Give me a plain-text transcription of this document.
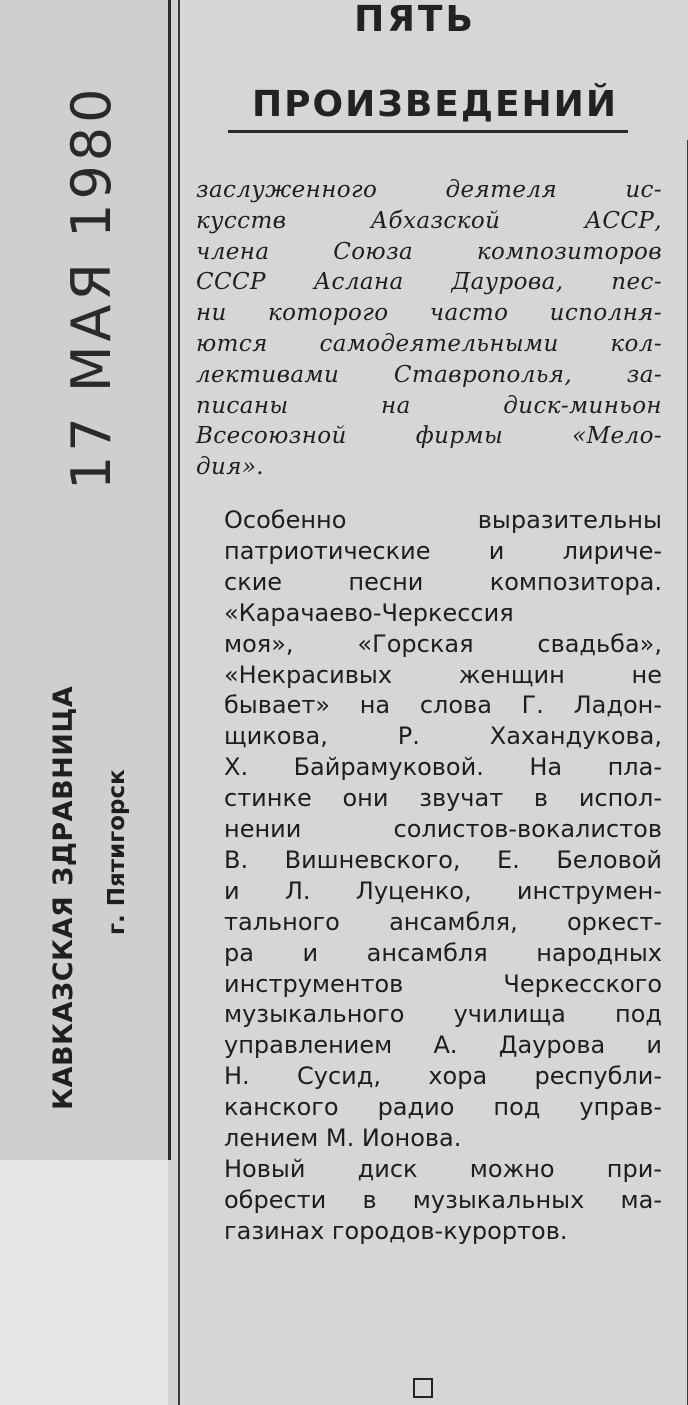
17 МАЯ 1980
КАВКАЗСКАЯ ЗДРАВНИЦА г. Пятигорск
ПЯТЬ
ПРОИЗВЕДЕНИЙ

заслуженного деятеля ис-
кусств Абхазской АССР,
члена Союза композиторов
СССР Аслана Даурова, пес-
ни которого часто исполня-
ются самодеятельными кол-
лективами Ставрополья, за-
писаны на диск-миньон
Всесоюзной фирмы «Мело-
дия».

Особенно выразительны
патриотические и лириче-
ские песни композитора.
«Карачаево-Черкессия
моя», «Горская свадьба»,
«Некрасивых женщин не
бывает» на слова Г. Ладон-
щикова, Р. Хахандукова,
Х. Байрамуковой. На пла-
стинке они звучат в испол-
нении солистов-вокалистов
В. Вишневского, Е. Беловой
и Л. Луценко, инструмен-
тального ансамбля, оркест-
ра и ансамбля народных
инструментов Черкесского
музыкального училища под
управлением А. Даурова и
Н. Сусид, хора республи-
канского радио под управ-
лением М. Ионова.

Новый диск можно при-
обрести в музыкальных ма-
газинах городов-курортов.
